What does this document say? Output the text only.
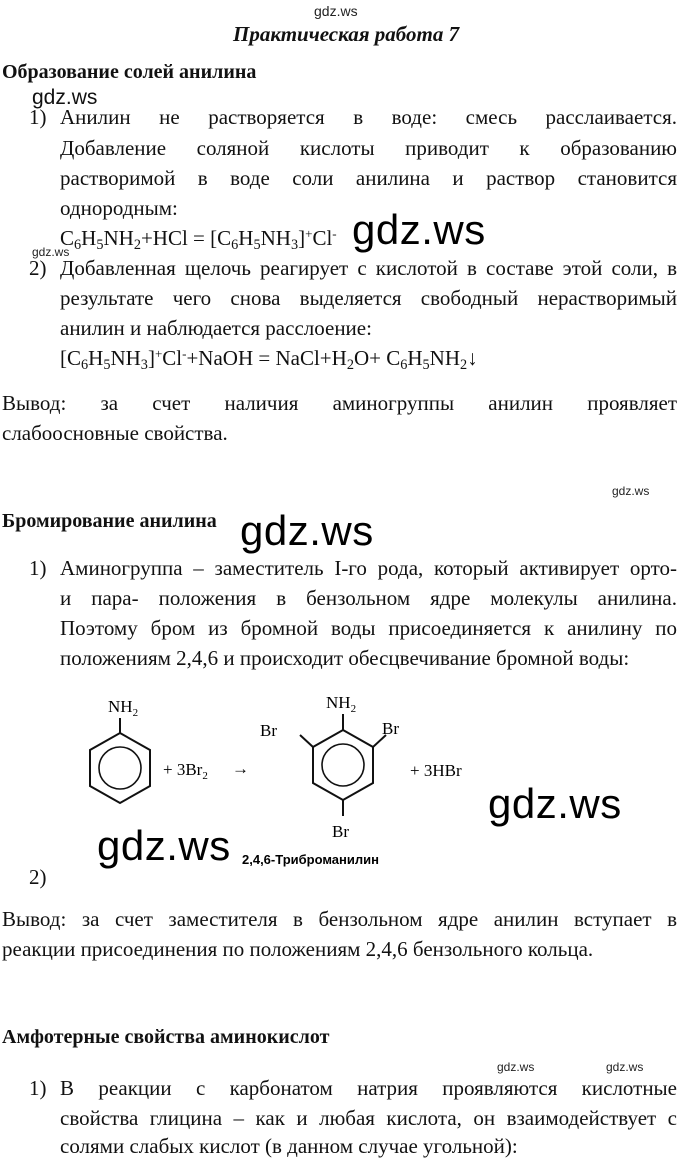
gdz.ws
Практическая работа 7
Образование солей анилина
gdz.ws
1) Анилин не растворяется в воде: смесь расслаивается.
Добавление соляной кислоты приводит к образованию
растворимой в воде соли анилина и раствор становится
однородным:
$C_6H_5NH_2+HCl = [C_6H_5NH_3]^+Cl^-$ gdz.ws
gdz.ws
2) Добавленная щелочь реагирует с кислотой в составе этой соли, в
результате чего снова выделяется свободный нерастворимый
анилин и наблюдается расслоение:
$[C_6H_5NH_3]^+Cl^-+NaOH$ = $NaCl+H_2O+$ $C_6H_5NH_2↓$
Вывод: за счет наличия аминогруппы анилин проявляет
слабоосновные свойства.
gdz.ws
Бромирование анилина gdz.ws
1) Аминогруппа – заместитель I-го рода, который активирует орто-
и пара- положения в бензольном ядре молекулы анилина.
Поэтому бром из бромной воды присоединяется к анилину по
положениям 2,4,6 и происходит обесцвечивание бромной воды:
$NH_2$
+ $3Br_2$ →
$NH_2$
Br	Br
Br
+ 3HBr
2,4,6-Триброманилин
gdz.ws
gdz.ws
2)
Вывод: за счет заместителя в бензольном ядре анилин вступает в
реакции присоединения по положениям 2,4,6 бензольного кольца.
Амфотерные свойства аминокислот
gdz.ws	gdz.ws
1) В реакции с карбонатом натрия проявляются кислотные
свойства глицина – как и любая кислота, он взаимодействует с
солями слабых кислот (в данном случае угольной):
